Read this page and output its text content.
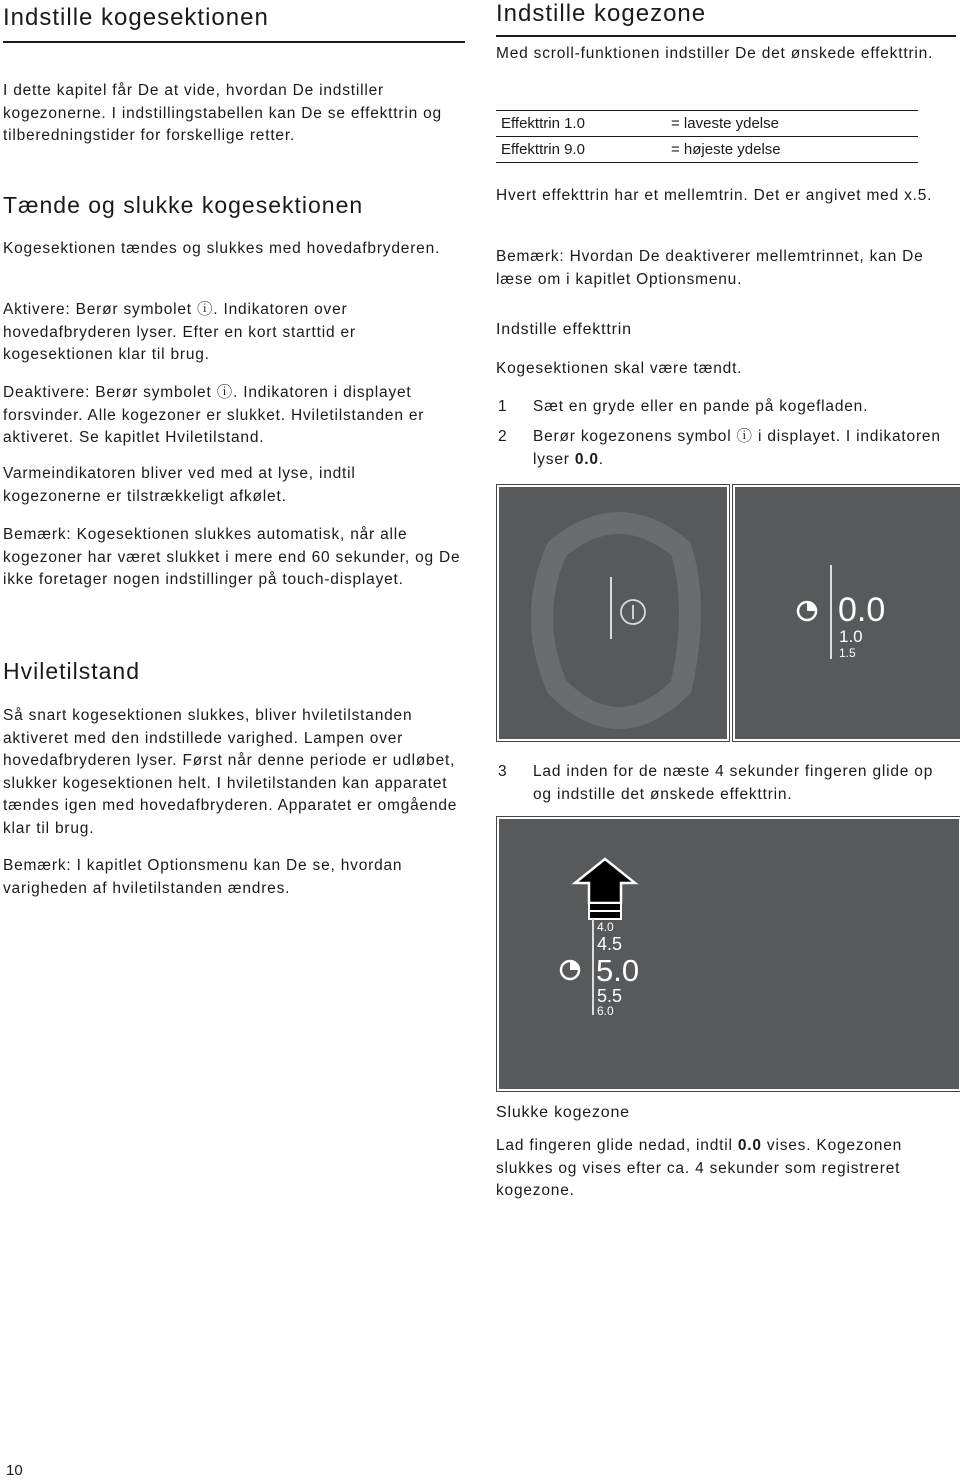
Indstille kogesektionen

I dette kapitel får De at vide, hvordan De indstiller kogezonerne. I indstillingstabellen kan De se effekttrin og tilberedningstider for forskellige retter.

Tænde og slukke kogesektionen

Kogesektionen tændes og slukkes med hovedafbryderen.

Aktivere: Berør symbolet ⓘ. Indikatoren over hovedafbryderen lyser. Efter en kort starttid er kogesektionen klar til brug.

Deaktivere: Berør symbolet ⓘ. Indikatoren i displayet forsvinder. Alle kogezoner er slukket. Hviletilstanden er aktiveret. Se kapitlet Hviletilstand.

Varmeindikatoren bliver ved med at lyse, indtil kogezonerne er tilstrækkeligt afkølet.

Bemærk: Kogesektionen slukkes automatisk, når alle kogezoner har været slukket i mere end 60 sekunder, og De ikke foretager nogen indstillinger på touch-displayet.

Hviletilstand

Så snart kogesektionen slukkes, bliver hviletilstanden aktiveret med den indstillede varighed. Lampen over hovedafbryderen lyser. Først når denne periode er udløbet, slukker kogesektionen helt. I hviletilstanden kan apparatet tændes igen med hovedafbryderen. Apparatet er omgående klar til brug.

Bemærk: I kapitlet Optionsmenu kan De se, hvordan varigheden af hviletilstanden ændres.

10
Indstille kogezone

Med scroll-funktionen indstiller De det ønskede effekttrin.

Effekttrin 1.0	= laveste ydelse
Effekttrin 9.0	= højeste ydelse

Hvert effekttrin har et mellemtrin. Det er angivet med x.5.

Bemærk: Hvordan De deaktiverer mellemtrinnet, kan De læse om i kapitlet Optionsmenu.

Indstille effekttrin

Kogesektionen skal være tændt.

1 Sæt en gryde eller en pande på kogefladen.
2 Berør kogezonens symbol ⓘ i displayet. I indikatoren lyser 0.0.
0.0
1.0
1.5
3 Lad inden for de næste 4 sekunder fingeren glide op og indstille det ønskede effekttrin.
4.0
4.5
5.0
5.5
6.0
Slukke kogezone

Lad fingeren glide nedad, indtil 0.0 vises. Kogezonen slukkes og vises efter ca. 4 sekunder som registreret kogezone.
